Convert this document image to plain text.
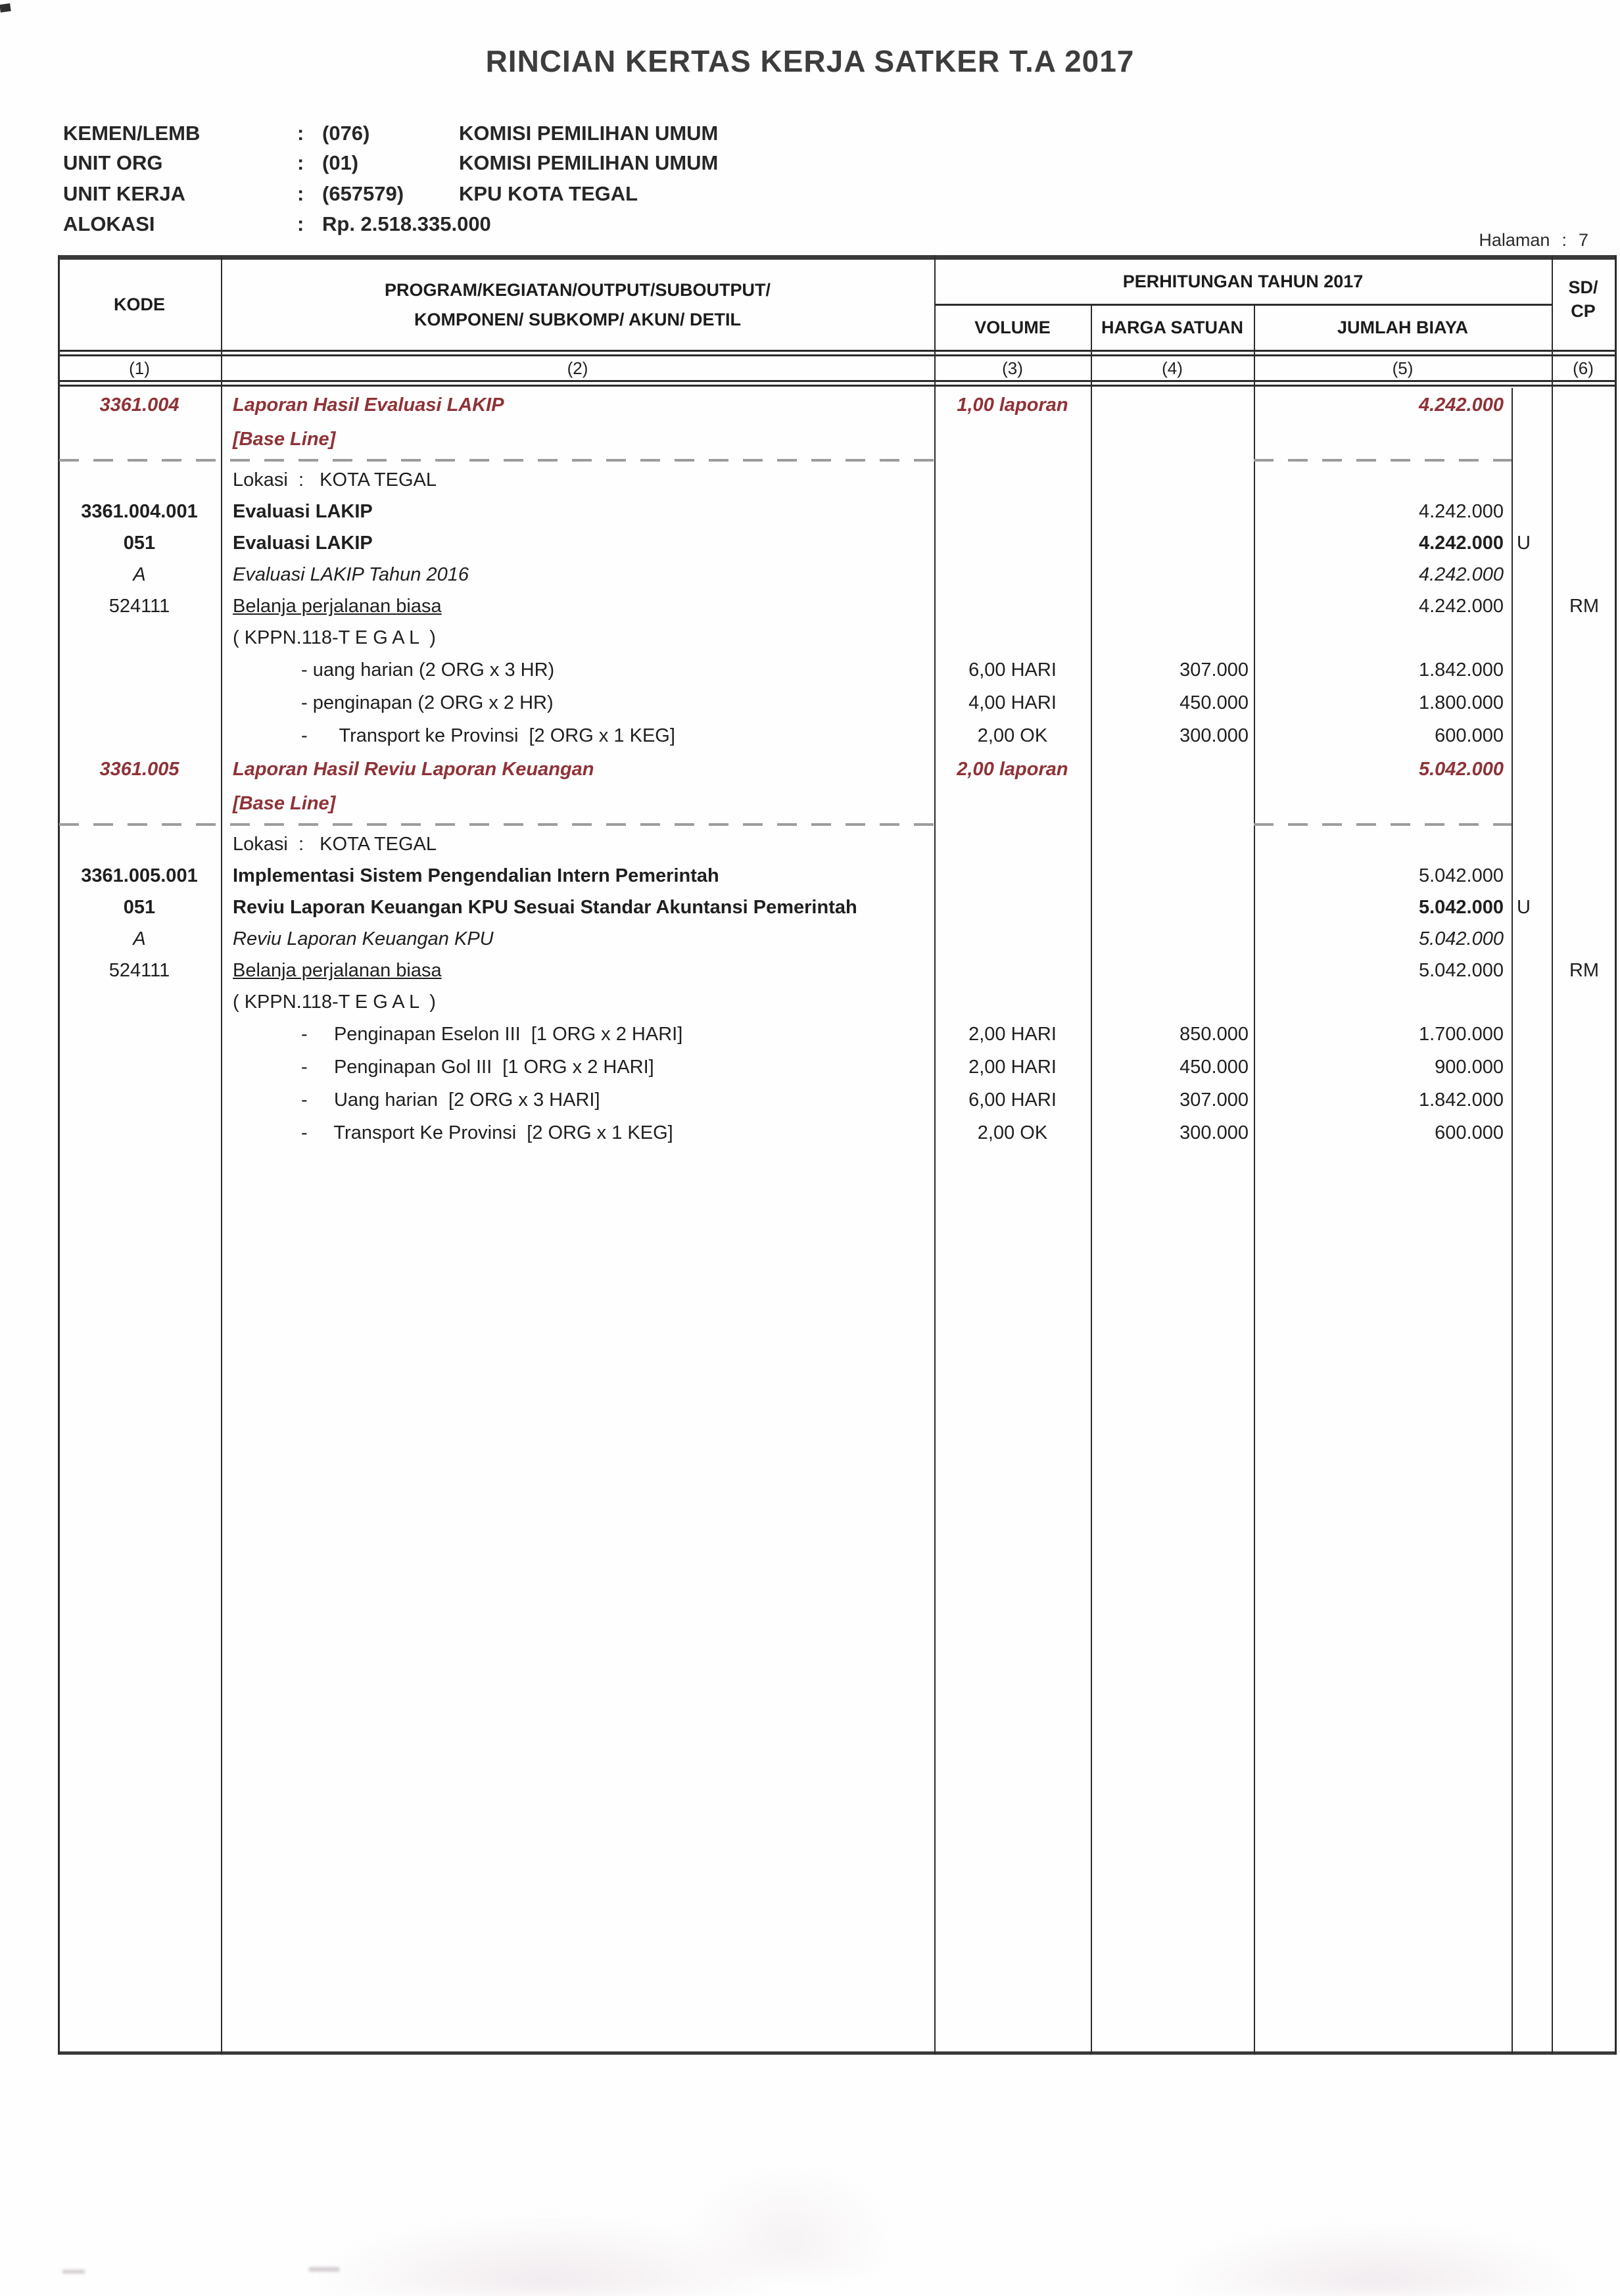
RINCIAN KERTAS KERJA SATKER T.A 2017
KEMEN/LEMB	: (076)	KOMISI PEMILIHAN UMUM
UNIT ORG	: (01)	KOMISI PEMILIHAN UMUM
UNIT KERJA	: (657579)	KPU KOTA TEGAL
ALOKASI	: Rp. 2.518.335.000
Halaman : 7
KODE
PROGRAM/KEGIATAN/OUTPUT/SUBOUTPUT/
KOMPONEN/ SUBKOMP/ AKUN/ DETIL
PERHITUNGAN TAHUN 2017
VOLUME	HARGA SATUAN	JUMLAH BIAYA
SD/
CP
(1)	(2)	(3)	(4)	(5)	(6)
3361.004	Laporan Hasil Evaluasi LAKIP	1,00 laporan	4.242.000
[Base Line]
Lokasi  :   KOTA TEGAL
3361.004.001	Evaluasi LAKIP	4.242.000
051	Evaluasi LAKIP	4.242.000 U
A	Evaluasi LAKIP Tahun 2016	4.242.000
524111	Belanja perjalanan biasa	4.242.000	RM
( KPPN.118-T E G A L  )
- uang harian (2 ORG x 3 HR)	6,00 HARI	307.000	1.842.000
- penginapan (2 ORG x 2 HR)	4,00 HARI	450.000	1.800.000
-      Transport ke Provinsi  [2 ORG x 1 KEG]	2,00 OK	300.000	600.000
3361.005	Laporan Hasil Reviu Laporan Keuangan	2,00 laporan	5.042.000
[Base Line]
Lokasi  :   KOTA TEGAL
3361.005.001	Implementasi Sistem Pengendalian Intern Pemerintah	5.042.000
051	Reviu Laporan Keuangan KPU Sesuai Standar Akuntansi Pemerintah	5.042.000 U
A	Reviu Laporan Keuangan KPU	5.042.000
524111	Belanja perjalanan biasa	5.042.000	RM
( KPPN.118-T E G A L  )
-     Penginapan Eselon III  [1 ORG x 2 HARI]	2,00 HARI	850.000	1.700.000
-     Penginapan Gol III  [1 ORG x 2 HARI]	2,00 HARI	450.000	900.000
-     Uang harian  [2 ORG x 3 HARI]	6,00 HARI	307.000	1.842.000
-     Transport Ke Provinsi  [2 ORG x 1 KEG]	2,00 OK	300.000	600.000
